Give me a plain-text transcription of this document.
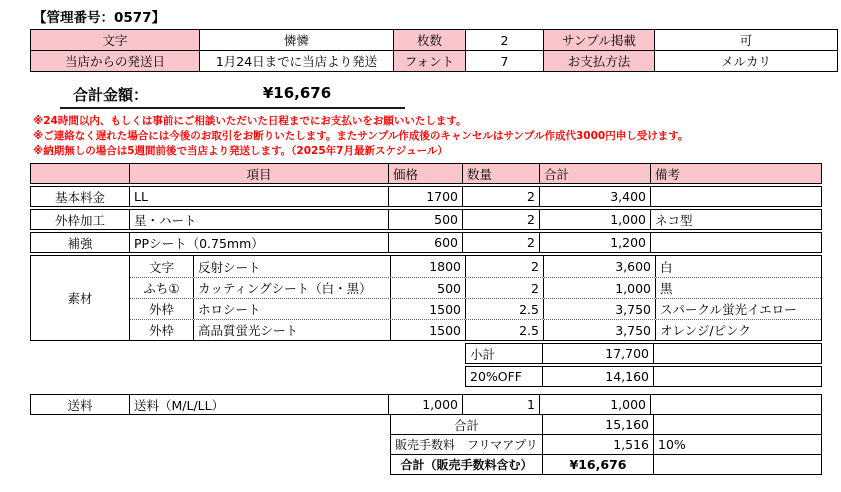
【管理番号：0577】
文字	憐憐	枚数	2	サンプル掲載	可
当店からの発送日	1月24日までに当店より発送	フォント	7	お支払方法	メルカリ
合計金額：	¥16,676
※24時間以内、もしくは事前にご相談いただいた日程までにお支払いをお願いいたします。
※ご連絡なく遅れた場合には今後のお取引をお断りいたします。またサンプル作成後のキャンセルはサンプル作成代3000円申し受けます。
※納期無しの場合は5週間前後で当店より発送します。（2025年7月最新スケジュール）
項目	価格	数量	合計	備考
基本料金	LL	1700	2	3,400
外枠加工	星・ハート	500	2	1,000 ネコ型
補強	PPシート（0.75mm）	600	2	1,200
素材
文字	反射シート	1800	2	3,600 白
ふち①	カッティングシート（白・黒）	500	2	1,000 黒
外枠	ホロシート	1500	2.5	3,750 スパークル蛍光イエロー
外枠	高品質蛍光シート	1500	2.5	3,750 オレンジ/ピンク
小計	17,700
20%OFF	14,160
送料	送料（M/L/LL）	1,000	1	1,000
合計	15,160
販売手数料　フリマアプリ	1,516 10%
合計（販売手数料含む）	¥16,676
